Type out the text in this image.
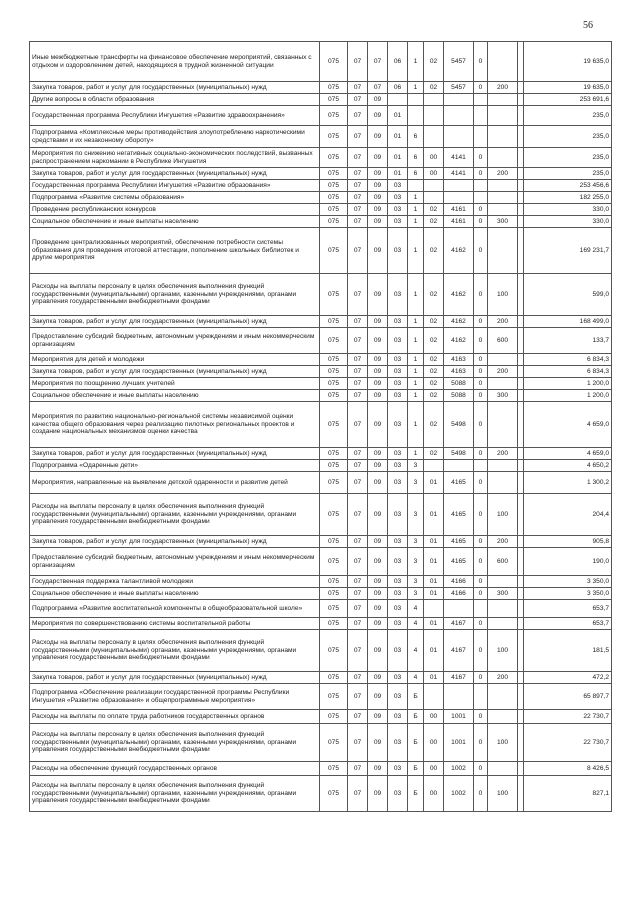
56
Иные межбюджетные трансферты на финансовое обеспечение мероприятий, связанных с отдыхом и оздоровлением детей, находящихся в трудной жизненной ситуации	075	07	07	06	1	02	5457	0			19 635,0
Закупка товаров, работ и услуг для государственных (муниципальных) нужд	075	07	07	06	1	02	5457	0	200		19 635,0
Другие вопросы в области образования	075	07	09								253 691,6
Государственная программа Республики Ингушетия «Развитие здравоохранения»	075	07	09	01							235,0
Подпрограмма «Комплексные меры противодействия злоупотреблению наркотическими средствами и их незаконному обороту»	075	07	09	01	6						235,0
Мероприятия по снижению негативных социально-экономических последствий, вызванных распространением наркомании в Республике Ингушетия	075	07	09	01	6	00	4141	0			235,0
Закупка товаров, работ и услуг для государственных (муниципальных) нужд	075	07	09	01	6	00	4141	0	200		235,0
Государственная программа Республики Ингушетия «Развитие образования»	075	07	09	03							253 456,6
Подпрограмма «Развитие системы образования»	075	07	09	03	1						182 255,0
Проведение республиканских конкурсов	075	07	09	03	1	02	4161	0			330,0
Социальное обеспечение и иные выплаты населению	075	07	09	03	1	02	4161	0	300		330,0
Проведение централизованных мероприятий, обеспечение потребности системы образования для проведения итоговой аттестации, пополнение школьных библиотек и другие мероприятия	075	07	09	03	1	02	4162	0			169 231,7
Расходы на выплаты персоналу в целях обеспечения выполнения функций государственными (муниципальными) органами, казенными учреждениями, органами управления государственными внебюджетными фондами	075	07	09	03	1	02	4162	0	100		599,0
Закупка товаров, работ и услуг для государственных (муниципальных) нужд	075	07	09	03	1	02	4162	0	200		168 499,0
Предоставление субсидий бюджетным, автономным учреждениям и иным некоммерческим организациям	075	07	09	03	1	02	4162	0	600		133,7
Мероприятия для детей и молодежи	075	07	09	03	1	02	4163	0			6 834,3
Закупка товаров, работ и услуг для государственных (муниципальных) нужд	075	07	09	03	1	02	4163	0	200		6 834,3
Мероприятия по поощрению лучших учителей	075	07	09	03	1	02	5088	0			1 200,0
Социальное обеспечение и иные выплаты населению	075	07	09	03	1	02	5088	0	300		1 200,0
Мероприятия по развитию национально-региональной системы независимой оценки качества общего образования через реализацию пилотных региональных проектов и создание национальных механизмов оценки качества	075	07	09	03	1	02	5498	0			4 659,0
Закупка товаров, работ и услуг для государственных (муниципальных) нужд	075	07	09	03	1	02	5498	0	200		4 659,0
Подпрограмма «Одаренные дети»	075	07	09	03	3						4 650,2
Мероприятия, направленные на выявление детской одаренности и развитие детей	075	07	09	03	3	01	4165	0			1 300,2
Расходы на выплаты персоналу в целях обеспечения выполнения функций государственными (муниципальными) органами, казенными учреждениями, органами управления государственными внебюджетными фондами	075	07	09	03	3	01	4165	0	100		204,4
Закупка товаров, работ и услуг для государственных (муниципальных) нужд	075	07	09	03	3	01	4165	0	200		905,8
Предоставление субсидий бюджетным, автономным учреждениям и иным некоммерческим организациям	075	07	09	03	3	01	4165	0	600		190,0
Государственная поддержка талантливой молодежи	075	07	09	03	3	01	4166	0			3 350,0
Социальное обеспечение и иные выплаты населению	075	07	09	03	3	01	4166	0	300		3 350,0
Подпрограмма «Развитие воспитательной компоненты в общеобразовательной школе»	075	07	09	03	4						653,7
Мероприятия по совершенствованию системы воспитательной работы	075	07	09	03	4	01	4167	0			653,7
Расходы на выплаты персоналу в целях обеспечения выполнения функций государственными (муниципальными) органами, казенными учреждениями, органами управления государственными внебюджетными фондами	075	07	09	03	4	01	4167	0	100		181,5
Закупка товаров, работ и услуг для государственных (муниципальных) нужд	075	07	09	03	4	01	4167	0	200		472,2
Подпрограмма «Обеспечение реализации государственной программы Республики Ингушетия «Развитие образования» и общепрограммные мероприятия»	075	07	09	03	Б						65 897,7
Расходы на выплаты по оплате труда работников государственных органов	075	07	09	03	Б	00	1001	0			22 730,7
Расходы на выплаты персоналу в целях обеспечения выполнения функций государственными (муниципальными) органами, казенными учреждениями, органами управления государственными внебюджетными фондами	075	07	09	03	Б	00	1001	0	100		22 730,7
Расходы на обеспечение функций государственных органов	075	07	09	03	Б	00	1002	0			8 426,5
Расходы на выплаты персоналу в целях обеспечения выполнения функций государственными (муниципальными) органами, казенными учреждениями, органами управления государственными внебюджетными фондами	075	07	09	03	Б	00	1002	0	100		827,1
